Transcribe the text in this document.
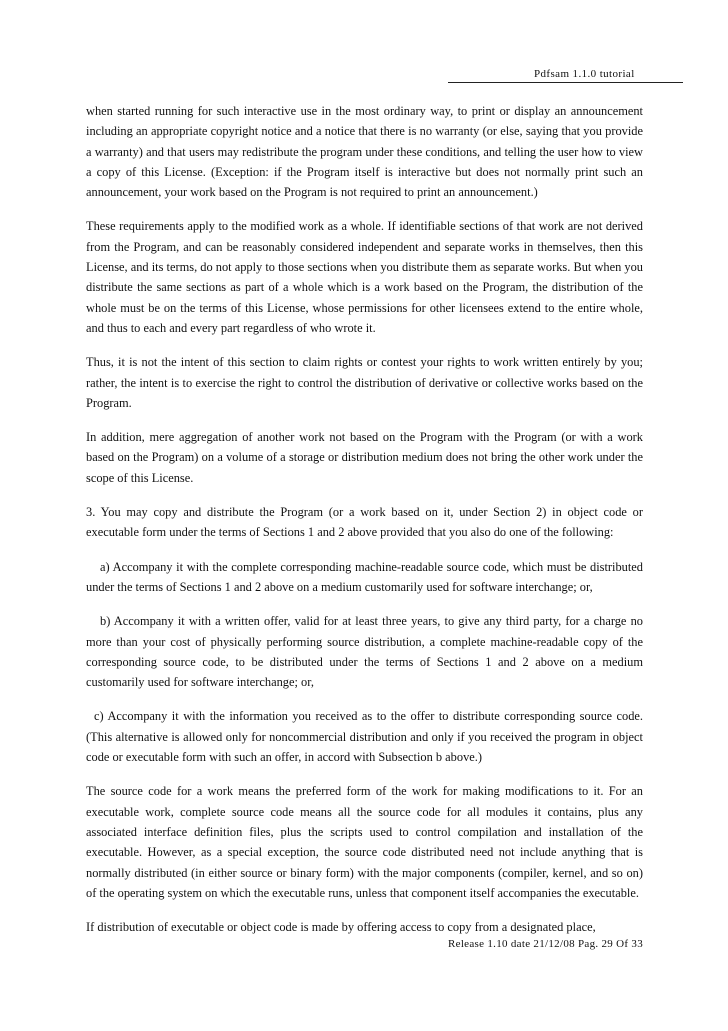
Pdfsam 1.1.0 tutorial

when started running for such interactive use in the most ordinary way, to print or display an announcement including an appropriate copyright notice and a notice that there is no warranty (or else, saying that you provide a warranty) and that users may redistribute the program under these conditions, and telling the user how to view a copy of this License. (Exception: if the Program itself is interactive but does not normally print such an announcement, your work based on the Program is not required to print an announcement.)

These requirements apply to the modified work as a whole. If identifiable sections of that work are not derived from the Program, and can be reasonably considered independent and separate works in themselves, then this License, and its terms, do not apply to those sections when you distribute them as separate works. But when you distribute the same sections as part of a whole which is a work based on the Program, the distribution of the whole must be on the terms of this License, whose permissions for other licensees extend to the entire whole, and thus to each and every part regardless of who wrote it.

Thus, it is not the intent of this section to claim rights or contest your rights to work written entirely by you; rather, the intent is to exercise the right to control the distribution of derivative or collective works based on the Program.

In addition, mere aggregation of another work not based on the Program with the Program (or with a work based on the Program) on a volume of a storage or distribution medium does not bring the other work under the scope of this License.

3. You may copy and distribute the Program (or a work based on it, under Section 2) in object code or executable form under the terms of Sections 1 and 2 above provided that you also do one of the following:

a) Accompany it with the complete corresponding machine-readable source code, which must be distributed under the terms of Sections 1 and 2 above on a medium customarily used for software interchange; or,

b) Accompany it with a written offer, valid for at least three years, to give any third party, for a charge no more than your cost of physically performing source distribution, a complete machine-readable copy of the corresponding source code, to be distributed under the terms of Sections 1 and 2 above on a medium customarily used for software interchange; or,

c) Accompany it with the information you received as to the offer to distribute corresponding source code. (This alternative is allowed only for noncommercial distribution and only if you received the program in object code or executable form with such an offer, in accord with Subsection b above.)

The source code for a work means the preferred form of the work for making modifications to it. For an executable work, complete source code means all the source code for all modules it contains, plus any associated interface definition files, plus the scripts used to control compilation and installation of the executable. However, as a special exception, the source code distributed need not include anything that is normally distributed (in either source or binary form) with the major components (compiler, kernel, and so on) of the operating system on which the executable runs, unless that component itself accompanies the executable.

If distribution of executable or object code is made by offering access to copy from a designated place,

Release 1.10 date 21/12/08 Pag. 29 Of 33
